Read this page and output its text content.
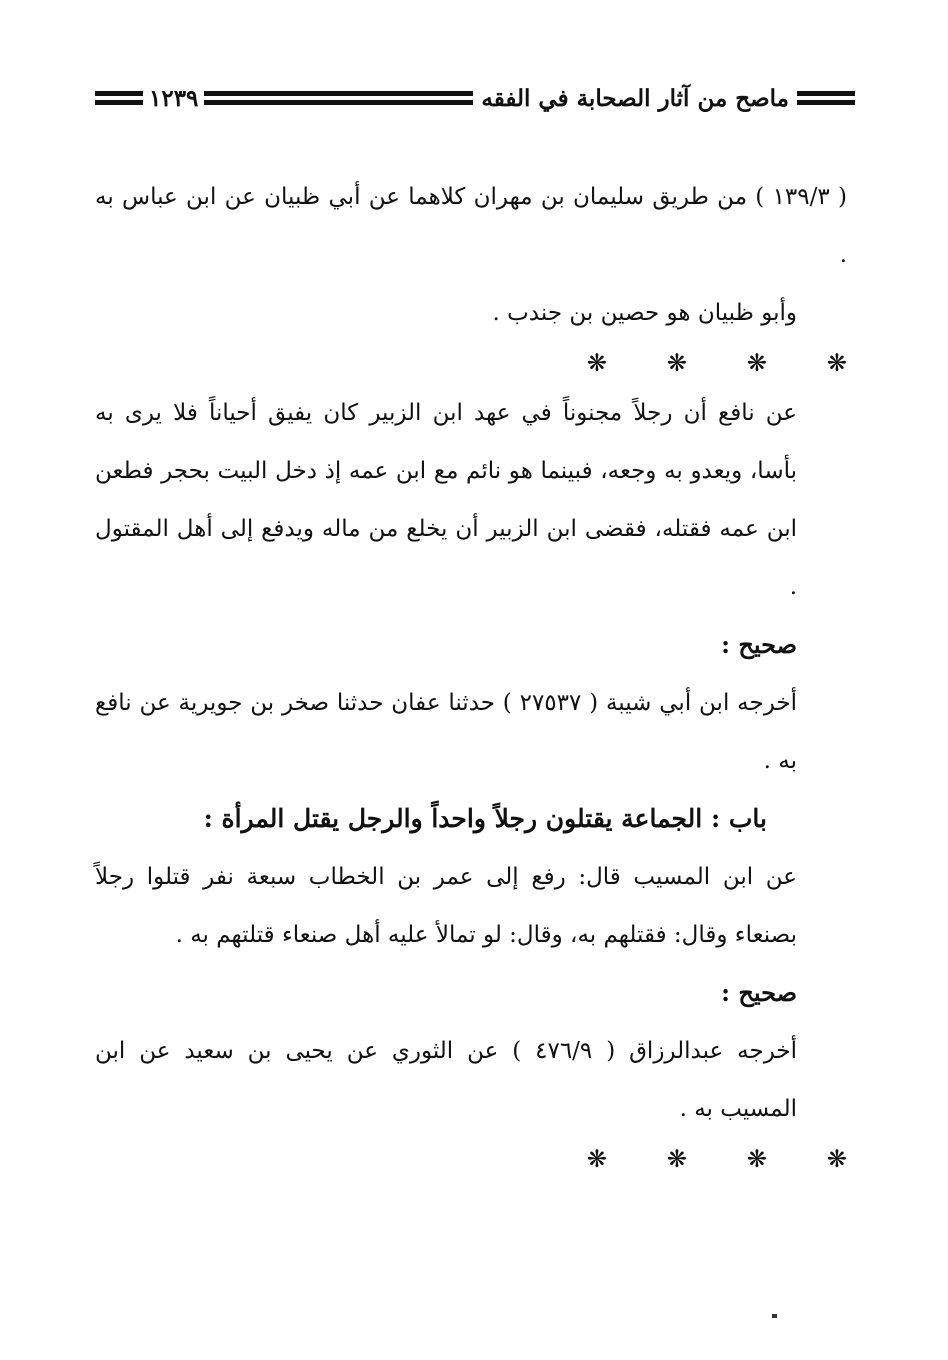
ماصح من آثار الصحابة في الفقه
١٢٣٩

( ١٣٩/٣ ) من طريق سليمان بن مهران كلاهما عن أبي ظبيان عن ابن عباس به .

وأبو ظبيان هو حصين بن جندب .

❋ ❋ ❋ ❋

عن نافع أن رجلاً مجنوناً في عهد ابن الزبير كان يفيق أحياناً فلا يرى به بأسا، ويعدو به وجعه، فبينما هو نائم مع ابن عمه إذ دخل البيت بحجر فطعن ابن عمه فقتله، فقضى ابن الزبير أن يخلع من ماله ويدفع إلى أهل المقتول .

صحيح :

أخرجه ابن أبي شيبة ( ٢٧٥٣٧ ) حدثنا عفان حدثنا صخر بن جويرية عن نافع به .

باب : الجماعة يقتلون رجلاً واحداً والرجل يقتل المرأة :

عن ابن المسيب قال: رفع إلى عمر بن الخطاب سبعة نفر قتلوا رجلاً بصنعاء وقال: فقتلهم به، وقال: لو تمالأ عليه أهل صنعاء قتلتهم به .

صحيح :

أخرجه عبدالرزاق ( ٤٧٦/٩ ) عن الثوري عن يحيى بن سعيد عن ابن المسيب به .

❋ ❋ ❋ ❋
